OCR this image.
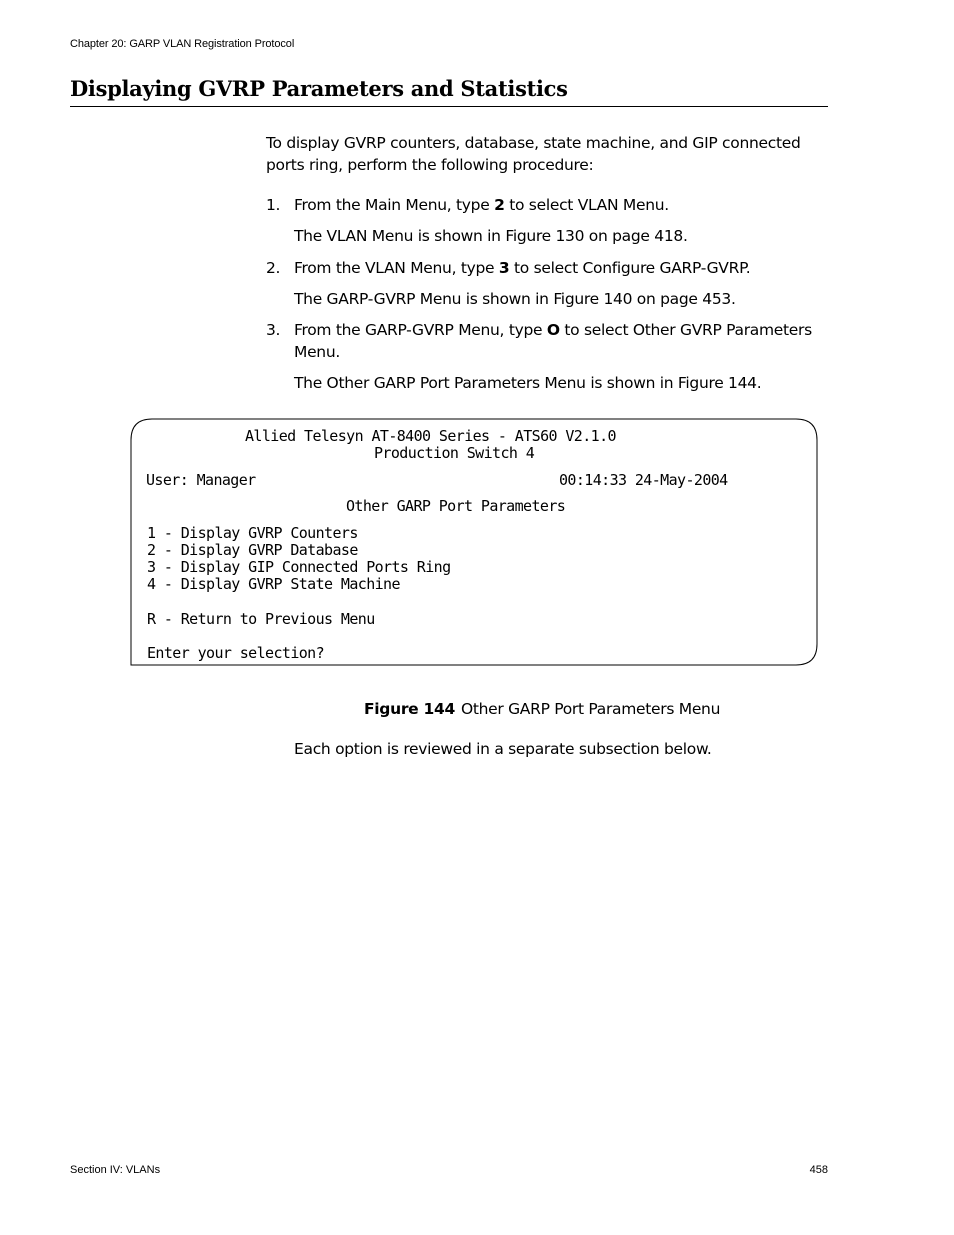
Chapter 20: GARP VLAN Registration Protocol
Displaying GVRP Parameters and Statistics

To display GVRP counters, database, state machine, and GIP connected ports ring, perform the following procedure:

1. From the Main Menu, type 2 to select VLAN Menu.
The VLAN Menu is shown in Figure 130 on page 418.
2. From the VLAN Menu, type 3 to select Configure GARP-GVRP.
The GARP-GVRP Menu is shown in Figure 140 on page 453.
3. From the GARP-GVRP Menu, type O to select Other GVRP Parameters Menu.
The Other GARP Port Parameters Menu is shown in Figure 144.
Allied Telesyn AT-8400 Series - ATS60 V2.1.0
Production Switch 4
User: Manager	00:14:33 24-May-2004
Other GARP Port Parameters
1 - Display GVRP Counters
2 - Display GVRP Database
3 - Display GIP Connected Ports Ring
4 - Display GVRP State Machine
R - Return to Previous Menu
Enter your selection?
Figure 144 Other GARP Port Parameters Menu
Each option is reviewed in a separate subsection below.
Section IV: VLANs	458
